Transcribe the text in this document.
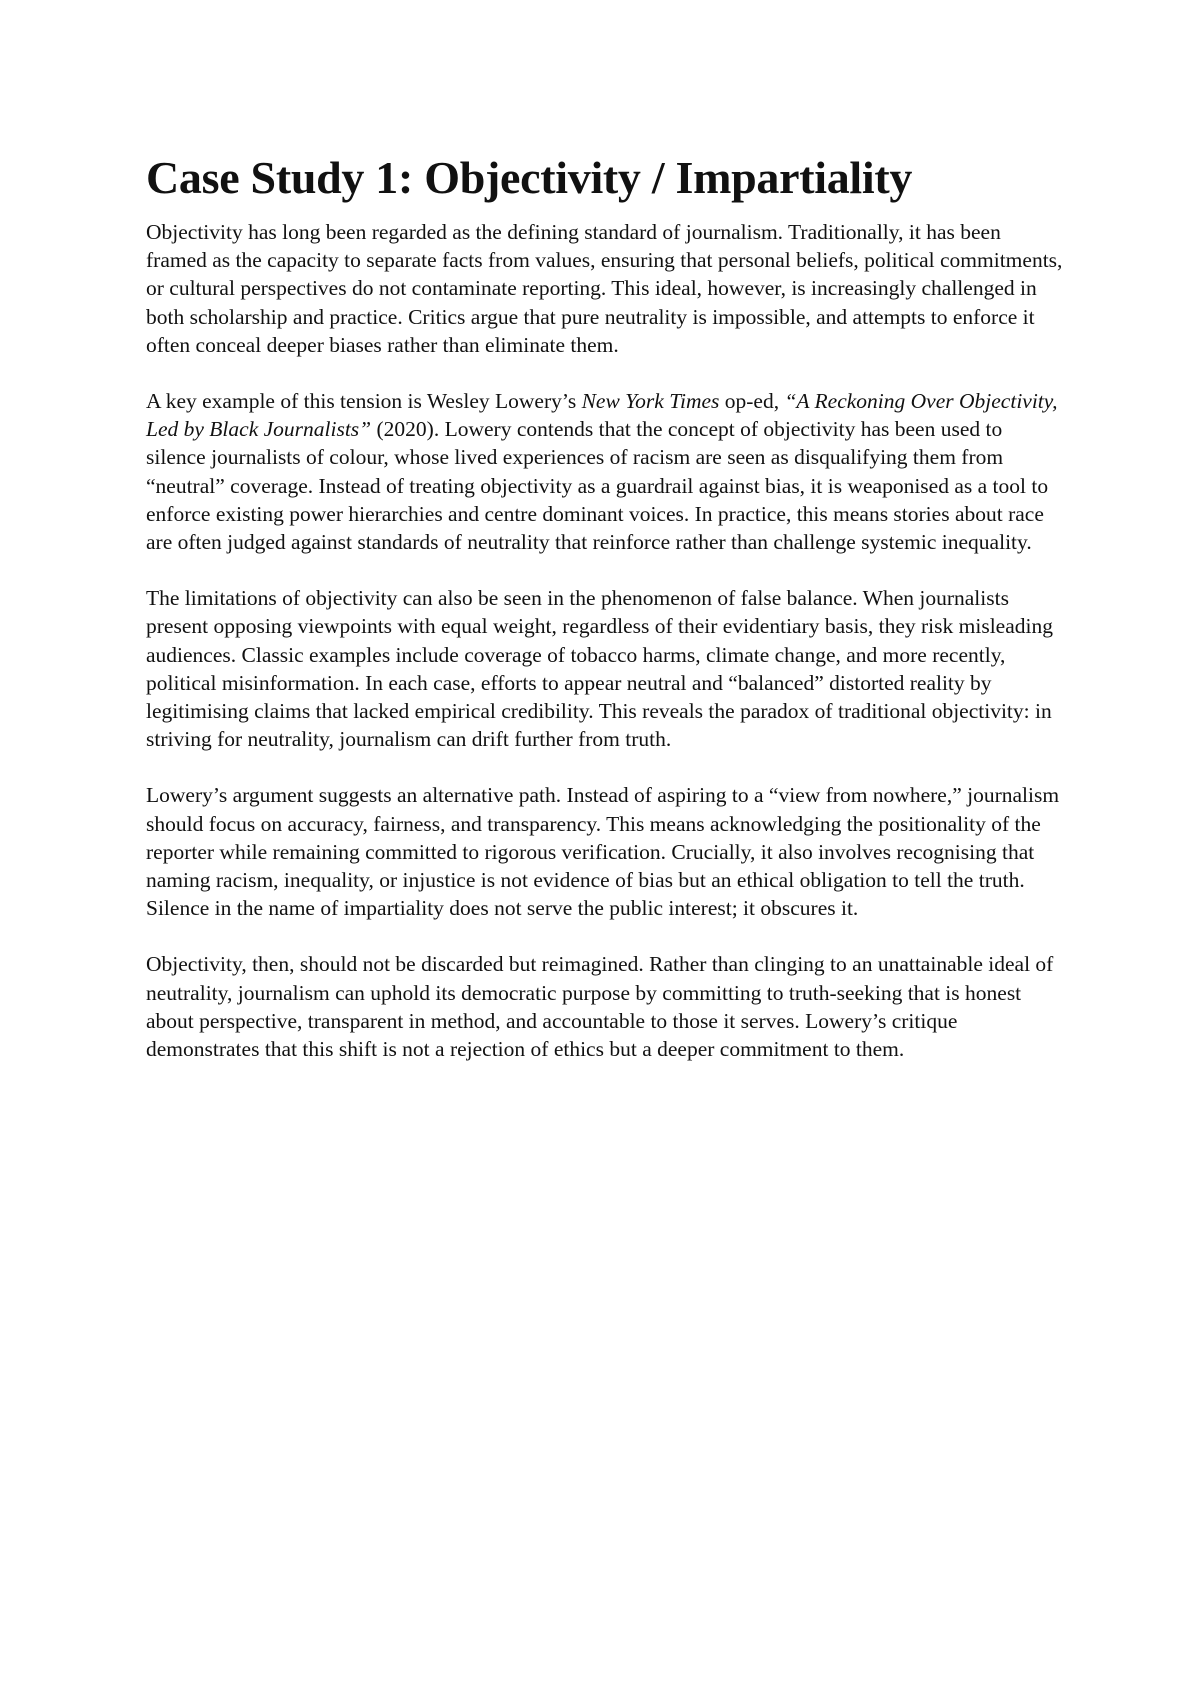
Case Study 1: Objectivity / Impartiality

Objectivity has long been regarded as the defining standard of journalism. Traditionally, it has been framed as the capacity to separate facts from values, ensuring that personal beliefs, political commitments, or cultural perspectives do not contaminate reporting. This ideal, however, is increasingly challenged in both scholarship and practice. Critics argue that pure neutrality is impossible, and attempts to enforce it often conceal deeper biases rather than eliminate them.

A key example of this tension is Wesley Lowery’s New York Times op-ed, “A Reckoning Over Objectivity, Led by Black Journalists” (2020). Lowery contends that the concept of objectivity has been used to silence journalists of colour, whose lived experiences of racism are seen as disqualifying them from “neutral” coverage. Instead of treating objectivity as a guardrail against bias, it is weaponised as a tool to enforce existing power hierarchies and centre dominant voices. In practice, this means stories about race are often judged against standards of neutrality that reinforce rather than challenge systemic inequality.

The limitations of objectivity can also be seen in the phenomenon of false balance. When journalists present opposing viewpoints with equal weight, regardless of their evidentiary basis, they risk misleading audiences. Classic examples include coverage of tobacco harms, climate change, and more recently, political misinformation. In each case, efforts to appear neutral and “balanced” distorted reality by legitimising claims that lacked empirical credibility. This reveals the paradox of traditional objectivity: in striving for neutrality, journalism can drift further from truth.

Lowery’s argument suggests an alternative path. Instead of aspiring to a “view from nowhere,” journalism should focus on accuracy, fairness, and transparency. This means acknowledging the positionality of the reporter while remaining committed to rigorous verification. Crucially, it also involves recognising that naming racism, inequality, or injustice is not evidence of bias but an ethical obligation to tell the truth. Silence in the name of impartiality does not serve the public interest; it obscures it.

Objectivity, then, should not be discarded but reimagined. Rather than clinging to an unattainable ideal of neutrality, journalism can uphold its democratic purpose by committing to truth-seeking that is honest about perspective, transparent in method, and accountable to those it serves. Lowery’s critique demonstrates that this shift is not a rejection of ethics but a deeper commitment to them.
